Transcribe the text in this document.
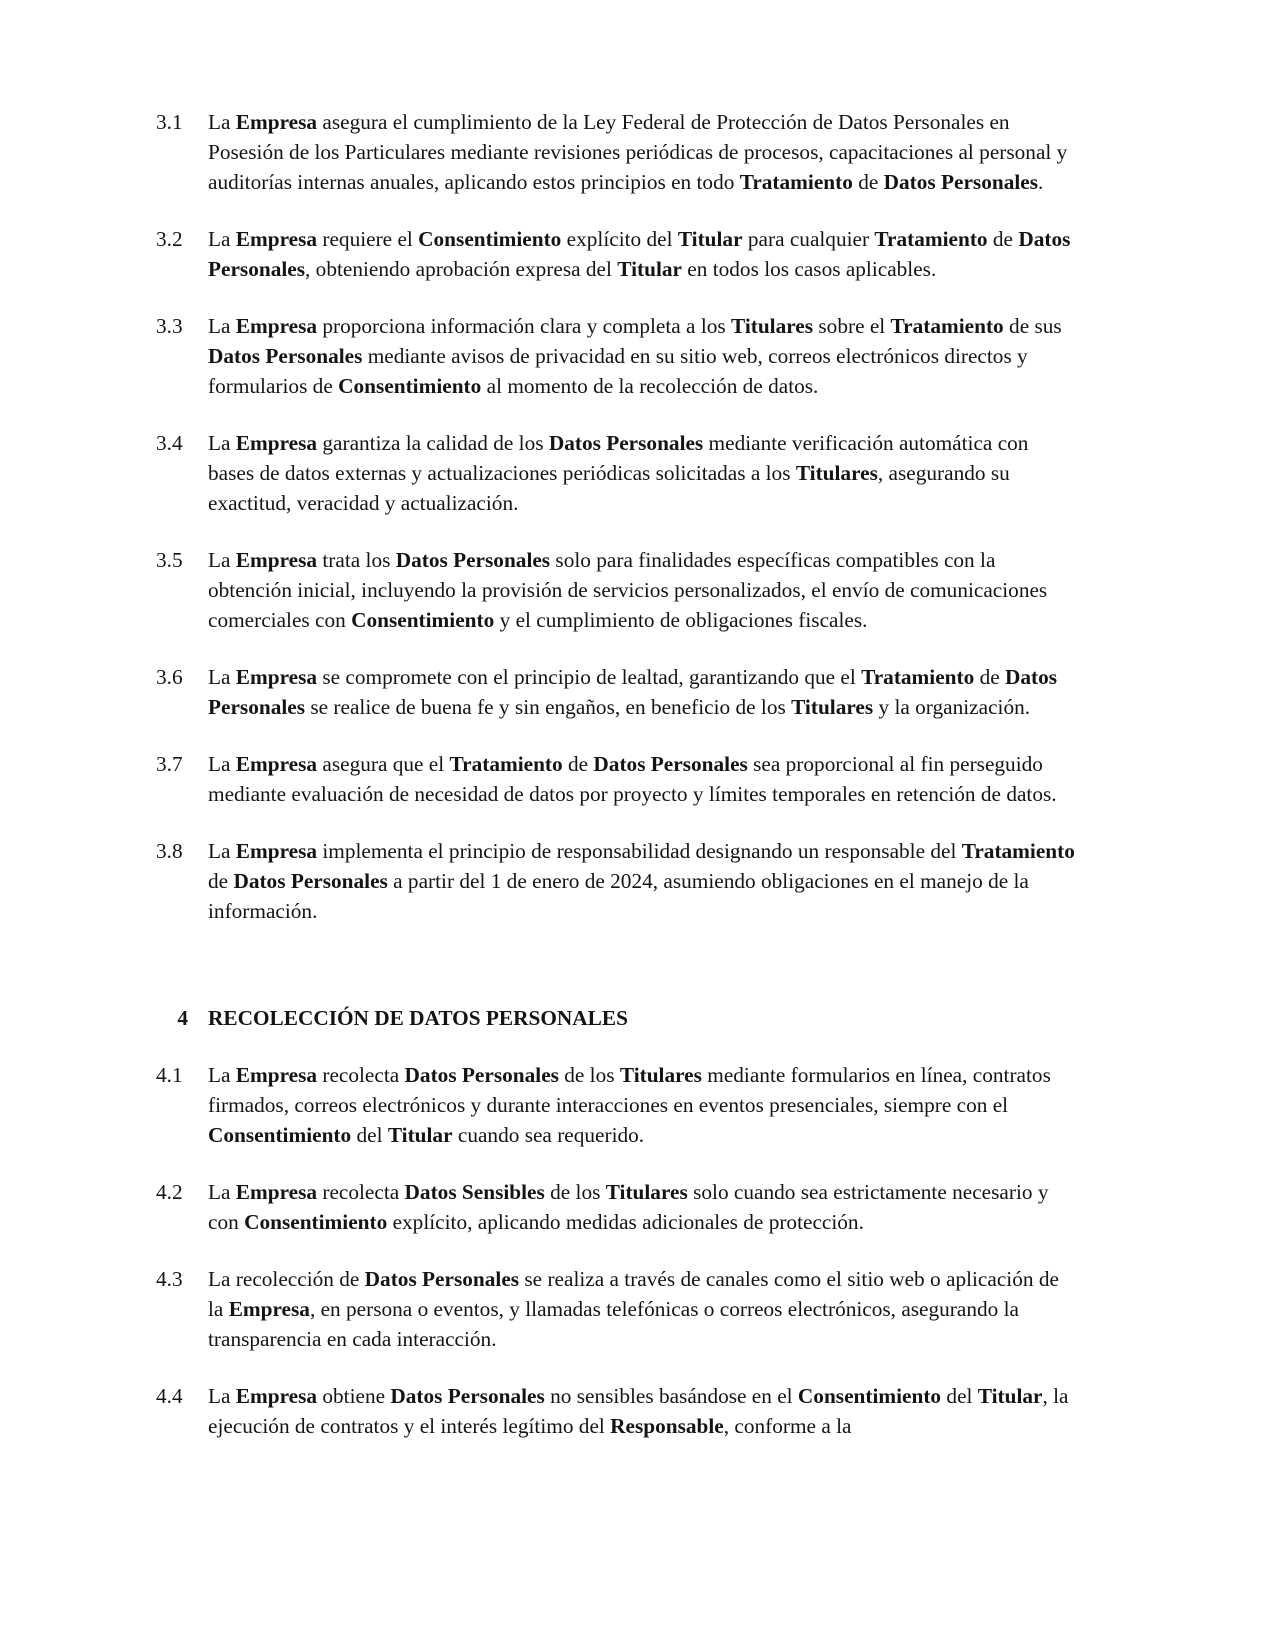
3.1	La Empresa asegura el cumplimiento de la Ley Federal de Protección de Datos Personales en Posesión de los Particulares mediante revisiones periódicas de procesos, capacitaciones al personal y auditorías internas anuales, aplicando estos principios en todo Tratamiento de Datos Personales.

3.2	La Empresa requiere el Consentimiento explícito del Titular para cualquier Tratamiento de Datos Personales, obteniendo aprobación expresa del Titular en todos los casos aplicables.

3.3	La Empresa proporciona información clara y completa a los Titulares sobre el Tratamiento de sus Datos Personales mediante avisos de privacidad en su sitio web, correos electrónicos directos y formularios de Consentimiento al momento de la recolección de datos.

3.4	La Empresa garantiza la calidad de los Datos Personales mediante verificación automática con bases de datos externas y actualizaciones periódicas solicitadas a los Titulares, asegurando su exactitud, veracidad y actualización.

3.5	La Empresa trata los Datos Personales solo para finalidades específicas compatibles con la obtención inicial, incluyendo la provisión de servicios personalizados, el envío de comunicaciones comerciales con Consentimiento y el cumplimiento de obligaciones fiscales.

3.6	La Empresa se compromete con el principio de lealtad, garantizando que el Tratamiento de Datos Personales se realice de buena fe y sin engaños, en beneficio de los Titulares y la organización.

3.7	La Empresa asegura que el Tratamiento de Datos Personales sea proporcional al fin perseguido mediante evaluación de necesidad de datos por proyecto y límites temporales en retención de datos.

3.8	La Empresa implementa el principio de responsabilidad designando un responsable del Tratamiento de Datos Personales a partir del 1 de enero de 2024, asumiendo obligaciones en el manejo de la información.

4 RECOLECCIÓN DE DATOS PERSONALES

4.1	La Empresa recolecta Datos Personales de los Titulares mediante formularios en línea, contratos firmados, correos electrónicos y durante interacciones en eventos presenciales, siempre con el Consentimiento del Titular cuando sea requerido.

4.2	La Empresa recolecta Datos Sensibles de los Titulares solo cuando sea estrictamente necesario y con Consentimiento explícito, aplicando medidas adicionales de protección.

4.3	La recolección de Datos Personales se realiza a través de canales como el sitio web o aplicación de la Empresa, en persona o eventos, y llamadas telefónicas o correos electrónicos, asegurando la transparencia en cada interacción.

4.4	La Empresa obtiene Datos Personales no sensibles basándose en el Consentimiento del Titular, la ejecución de contratos y el interés legítimo del Responsable, conforme a la
